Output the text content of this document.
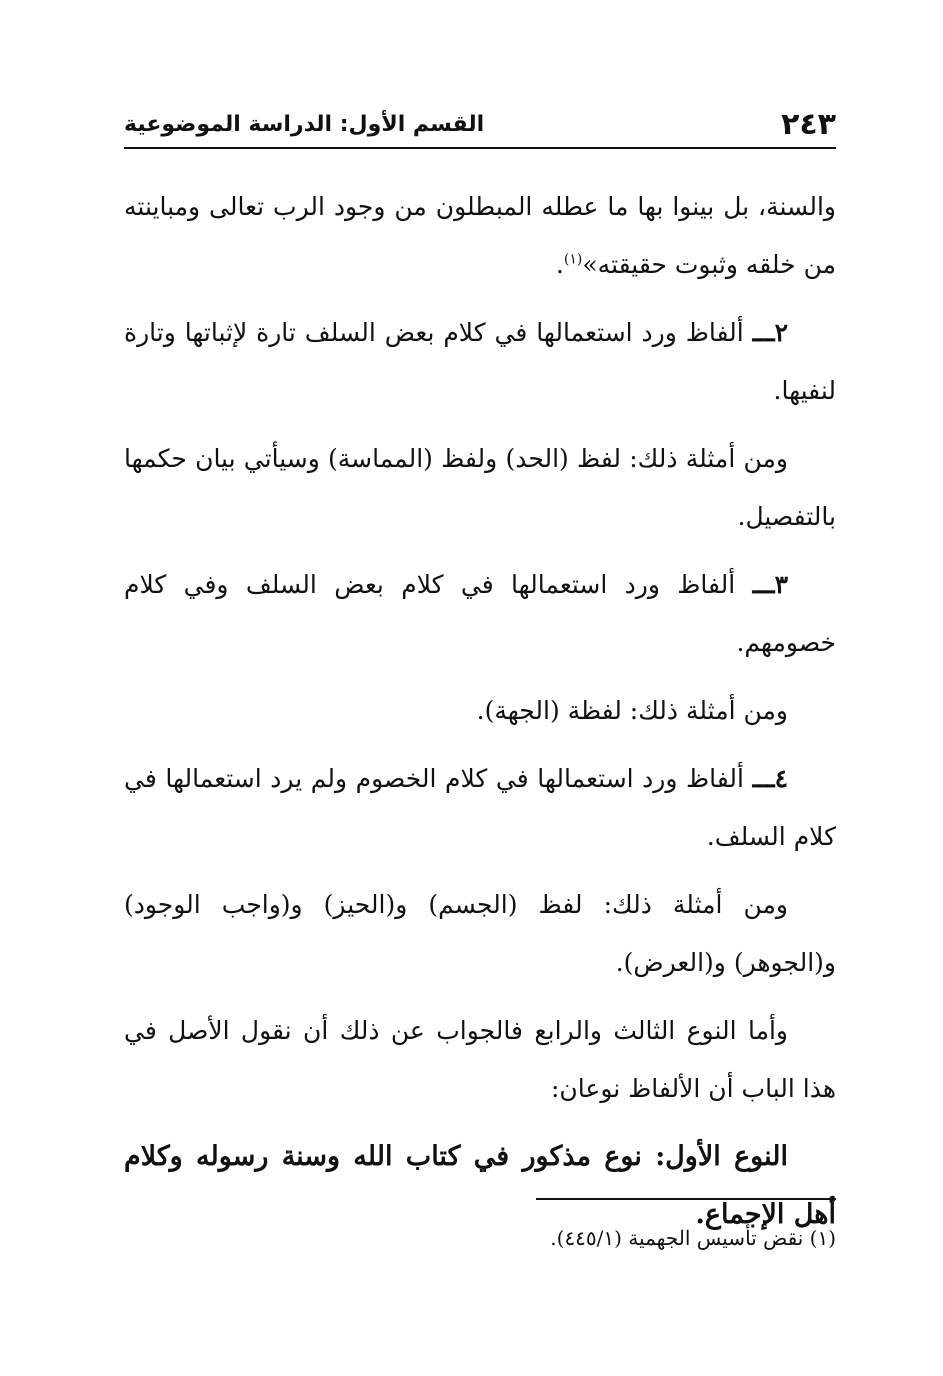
٢٤٣
القسم الأول: الدراسة الموضوعية

والسنة، بل بينوا بها ما عطله المبطلون من وجود الرب تعالى ومباينته من خلقه وثبوت حقيقته»$^{(١)}$.

٢ـــ ألفاظ ورد استعمالها في كلام بعض السلف تارة لإثباتها وتارة لنفيها.

ومن أمثلة ذلك: لفظ (الحد) ولفظ (المماسة) وسيأتي بيان حكمها بالتفصيل.

٣ـــ ألفاظ ورد استعمالها في كلام بعض السلف وفي كلام خصومهم.

ومن أمثلة ذلك: لفظة (الجهة).

٤ـــ ألفاظ ورد استعمالها في كلام الخصوم ولم يرد استعمالها في كلام السلف.

ومن أمثلة ذلك: لفظ (الجسم) و(الحيز) و(واجب الوجود) و(الجوهر) و(العرض).

وأما النوع الثالث والرابع فالجواب عن ذلك أن نقول الأصل في هذا الباب أن الألفاظ نوعان:

النوع الأول: نوع مذكور في كتاب الله وسنة رسوله وكلام أهل الإجماع.

(١) نقض تأسيس الجهمية (٤٤٥/١).
